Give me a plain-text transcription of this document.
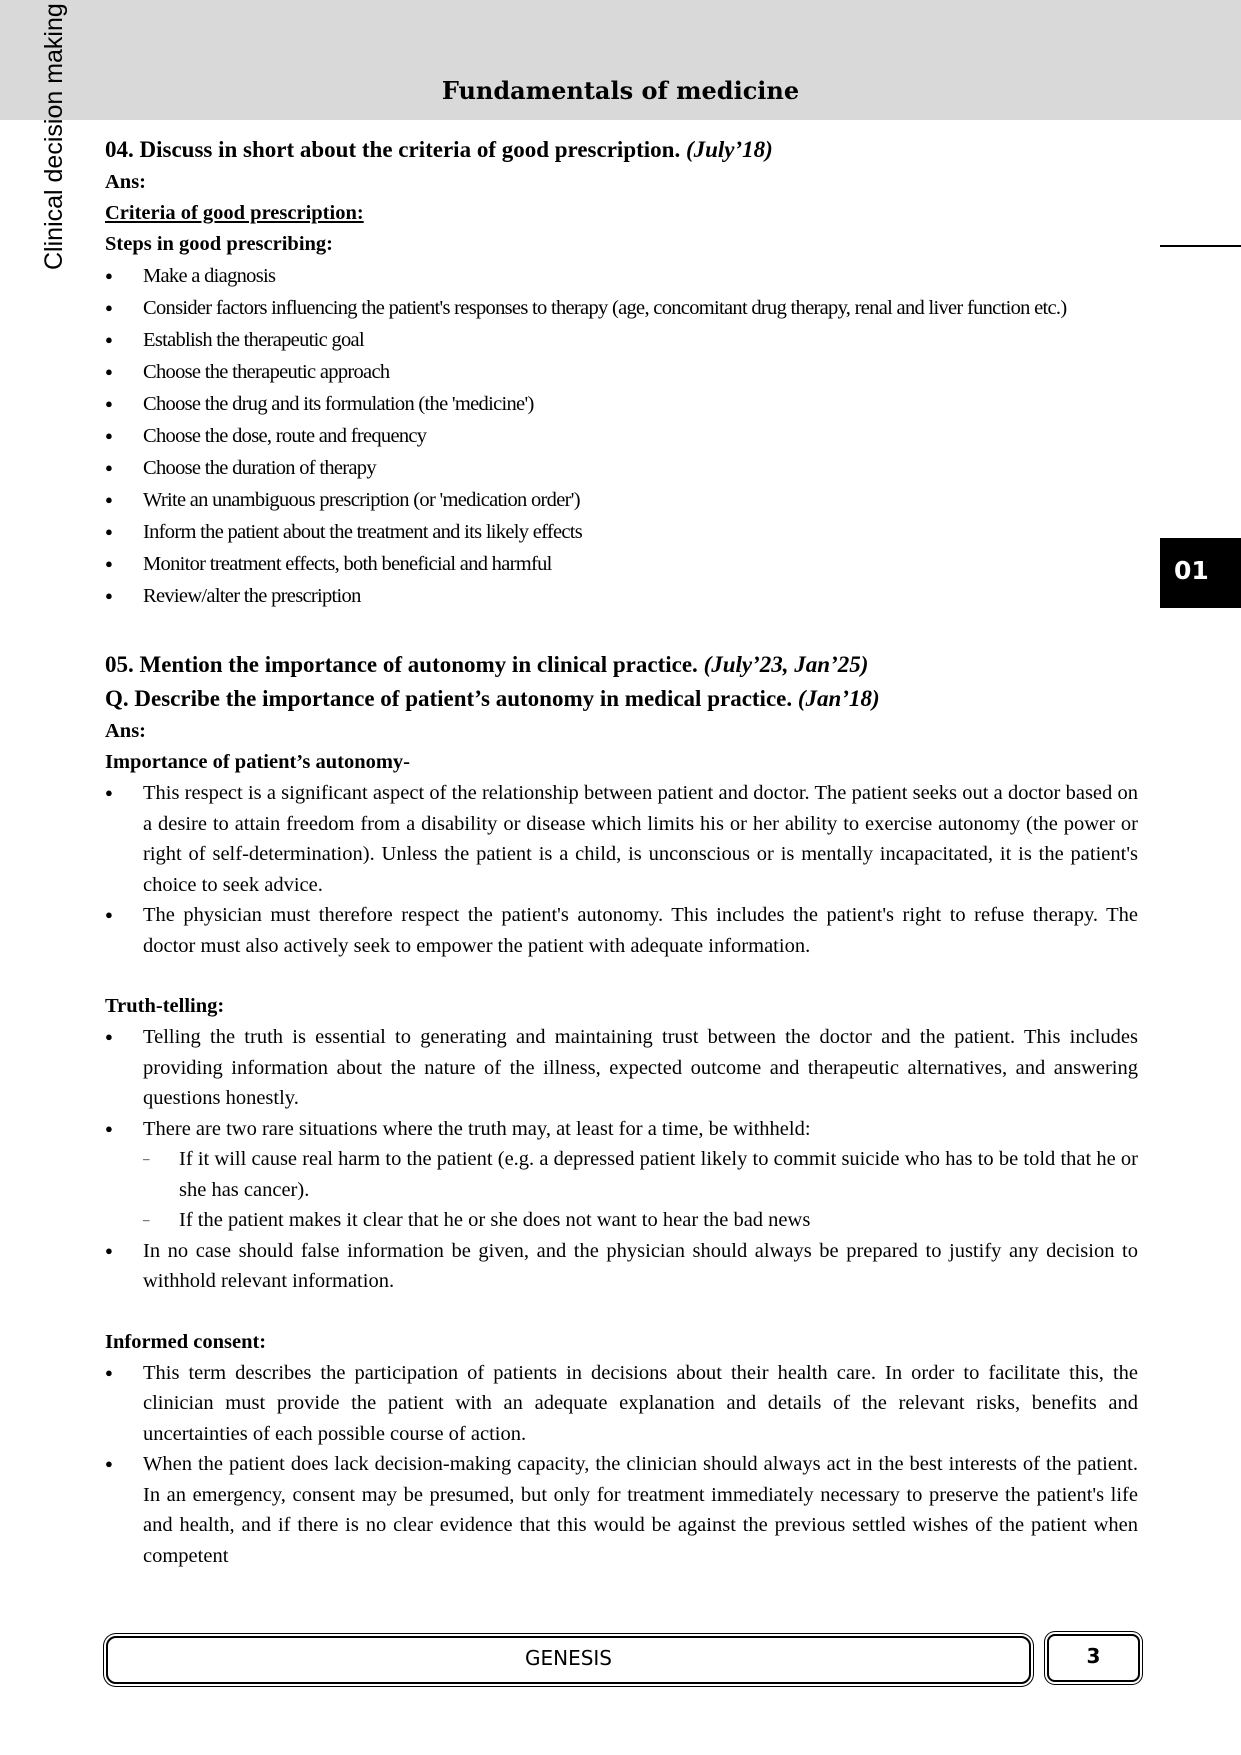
Fundamentals of medicine
Clinical decision making
01
04. Discuss in short about the criteria of good prescription. (July’18)
Ans:
Criteria of good prescription:
Steps in good prescribing:
● Make a diagnosis
● Consider factors influencing the patient's responses to therapy (age, concomitant drug therapy, renal and liver function etc.)
● Establish the therapeutic goal
● Choose the therapeutic approach
● Choose the drug and its formulation (the 'medicine')
● Choose the dose, route and frequency
● Choose the duration of therapy
● Write an unambiguous prescription (or 'medication order')
● Inform the patient about the treatment and its likely effects
● Monitor treatment effects, both beneficial and harmful
● Review/alter the prescription
05. Mention the importance of autonomy in clinical practice. (July’23, Jan’25)
Q. Describe the importance of patient’s autonomy in medical practice. (Jan’18)
Ans:
Importance of patient’s autonomy-
● This respect is a significant aspect of the relationship between patient and doctor. The patient seeks out a doctor based on a desire to attain freedom from a disability or disease which limits his or her ability to exercise autonomy (the power or right of self-determination). Unless the patient is a child, is unconscious or is mentally incapacitated, it is the patient's choice to seek advice.
● The physician must therefore respect the patient's autonomy. This includes the patient's right to refuse therapy. The doctor must also actively seek to empower the patient with adequate information.
Truth-telling:
● Telling the truth is essential to generating and maintaining trust between the doctor and the patient. This includes providing information about the nature of the illness, expected outcome and therapeutic alternatives, and answering questions honestly.
● There are two rare situations where the truth may, at least for a time, be withheld:
– If it will cause real harm to the patient (e.g. a depressed patient likely to commit suicide who has to be told that he or she has cancer).
– If the patient makes it clear that he or she does not want to hear the bad news
● In no case should false information be given, and the physician should always be prepared to justify any decision to withhold relevant information.
Informed consent:
● This term describes the participation of patients in decisions about their health care. In order to facilitate this, the clinician must provide the patient with an adequate explanation and details of the relevant risks, benefits and uncertainties of each possible course of action.
● When the patient does lack decision-making capacity, the clinician should always act in the best interests of the patient. In an emergency, consent may be presumed, but only for treatment immediately necessary to preserve the patient's life and health, and if there is no clear evidence that this would be against the previous settled wishes of the patient when competent
GENESIS	3
